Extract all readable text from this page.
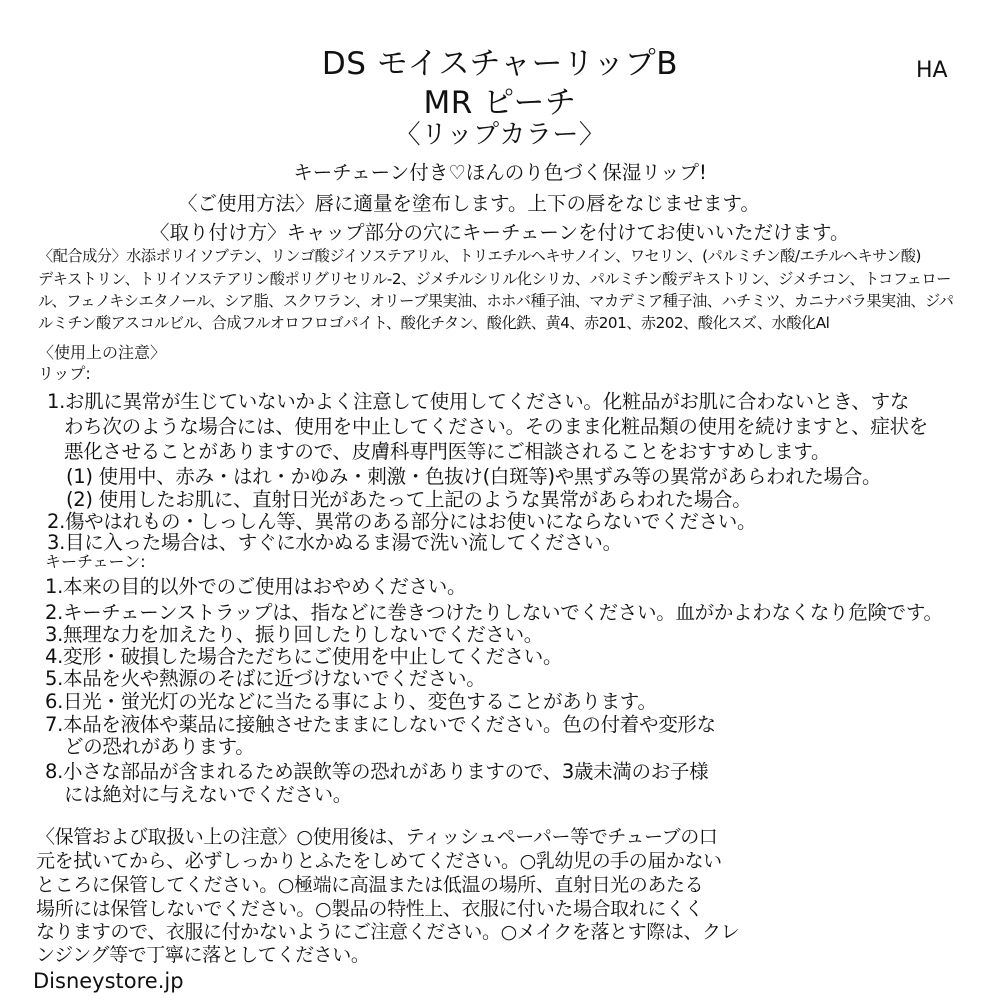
DS モイスチャーリップB
MR ピーチ
〈リップカラー〉
HA
キーチェーン付き♡ほんのり色づく保湿リップ!
〈ご使用方法〉唇に適量を塗布します。上下の唇をなじませます。
〈取り付け方〉キャップ部分の穴にキーチェーンを付けてお使いいただけます。
〈配合成分〉水添ポリイソブテン、リンゴ酸ジイソステアリル、トリエチルヘキサノイン、ワセリン、(パルミチン酸/エチルヘキサン酸)
デキストリン、トリイソステアリン酸ポリグリセリル-2、ジメチルシリル化シリカ、パルミチン酸デキストリン、ジメチコン、トコフェロー
ル、フェノキシエタノール、シア脂、スクワラン、オリーブ果実油、ホホバ種子油、マカデミア種子油、ハチミツ、カニナバラ果実油、ジパ
ルミチン酸アスコルビル、合成フルオロフロゴパイト、酸化チタン、酸化鉄、黄4、赤201、赤202、酸化スズ、水酸化Al
〈使用上の注意〉
リップ:
1.お肌に異常が生じていないかよく注意して使用してください。化粧品がお肌に合わないとき、すな
わち次のような場合には、使用を中止してください。そのまま化粧品類の使用を続けますと、症状を
悪化させることがありますので、皮膚科専門医等にご相談されることをおすすめします。
(1) 使用中、赤み・はれ・かゆみ・刺激・色抜け(白斑等)や黒ずみ等の異常があらわれた場合。
(2) 使用したお肌に、直射日光があたって上記のような異常があらわれた場合。
2.傷やはれもの・しっしん等、異常のある部分にはお使いにならないでください。
3.目に入った場合は、すぐに水かぬるま湯で洗い流してください。
キーチェーン:
1.本来の目的以外でのご使用はおやめください。
2.キーチェーンストラップは、指などに巻きつけたりしないでください。血がかよわなくなり危険です。
3.無理な力を加えたり、振り回したりしないでください。
4.変形・破損した場合ただちにご使用を中止してください。
5.本品を火や熱源のそばに近づけないでください。
6.日光・蛍光灯の光などに当たる事により、変色することがあります。
7.本品を液体や薬品に接触させたままにしないでください。色の付着や変形な
どの恐れがあります。
8.小さな部品が含まれるため誤飲等の恐れがありますので、3歳未満のお子様
には絶対に与えないでください。
〈保管および取扱い上の注意〉○使用後は、ティッシュペーパー等でチューブの口
元を拭いてから、必ずしっかりとふたをしめてください。○乳幼児の手の届かない
ところに保管してください。○極端に高温または低温の場所、直射日光のあたる
場所には保管しないでください。○製品の特性上、衣服に付いた場合取れにくく
なりますので、衣服に付かないようにご注意ください。○メイクを落とす際は、クレ
ンジング等で丁寧に落としてください。
Disneystore.jp
